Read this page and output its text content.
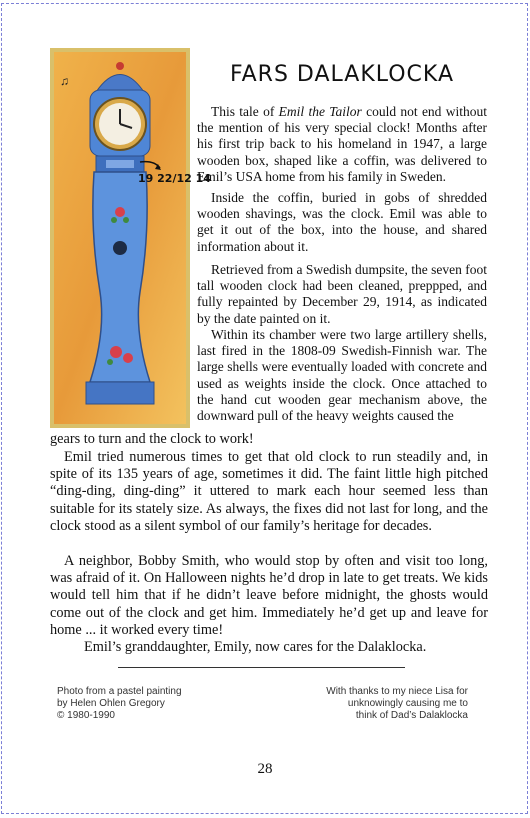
♫
19 22/12 14
FARS DALAKLOCKA
This tale of Emil the Tailor could not end without the mention of his very special clock! Months after his first trip back to his homeland in 1947, a large wooden box, shaped like a coffin, was delivered to Emil’s USA home from his family in Sweden.

Inside the coffin, buried in gobs of shredded wooden shavings, was the clock. Emil was able to get it out of the box, into the house, and shared information about it.

Retrieved from a Swedish dumpsite, the seven foot tall wooden clock had been cleaned, preppped, and fully repainted by December 29, 1914, as indicated by the date painted on it.

Within its chamber were two large artillery shells, last fired in the 1808-09 Swedish-Finnish war. The large shells were eventually loaded with concrete and used as weights inside the clock. Once attached to the hand cut wooden gear mechanism above, the downward pull of the heavy weights caused the

gears to turn and the clock to work!

Emil tried numerous times to get that old clock to run steadily and, in spite of its 135 years of age, sometimes it did. The faint little high pitched “ding-ding, ding-ding” it uttered to mark each hour seemed less than suitable for its stately size. As always, the fixes did not last for long, and the clock stood as a silent symbol of our family’s heritage for decades.

A neighbor, Bobby Smith, who would stop by often and visit too long, was afraid of it. On Halloween nights he’d drop in late to get treats. We kids would tell him that if he didn’t leave before midnight, the ghosts would come out of the clock and get him. Immediately he’d get up and leave for home ... it worked every time!

Emil’s granddaughter, Emily, now cares for the Dalaklocka.

Photo from a pastel painting
by Helen Ohlen Gregory
© 1980-1990
With thanks to my niece Lisa for
unknowingly causing me to
think of Dad’s Dalaklocka
28
